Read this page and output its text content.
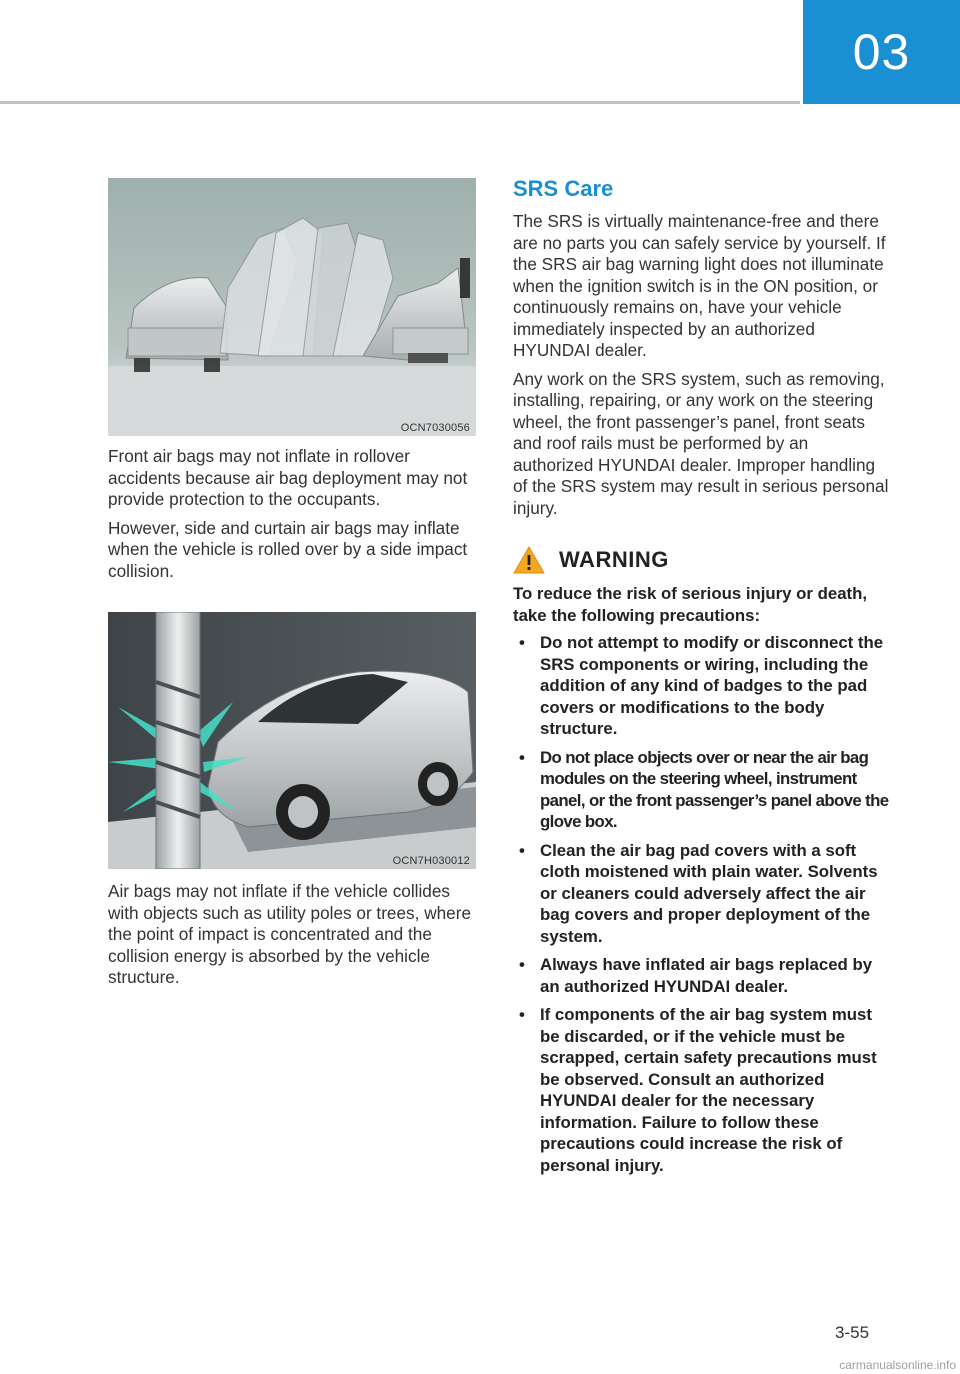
03
OCN7030056

Front air bags may not inflate in rollover accidents because air bag deployment may not provide protection to the occupants.

However, side and curtain air bags may inflate when the vehicle is rolled over by a side impact collision.

OCN7H030012

Air bags may not inflate if the vehicle collides with objects such as utility poles or trees, where the point of impact is concentrated and the collision energy is absorbed by the vehicle structure.

SRS Care

The SRS is virtually maintenance-free and there are no parts you can safely service by yourself. If the SRS air bag warning light does not illuminate when the ignition switch is in the ON position, or continuously remains on, have your vehicle immediately inspected by an authorized HYUNDAI dealer.

Any work on the SRS system, such as removing, installing, repairing, or any work on the steering wheel, the front passenger’s panel, front seats and roof rails must be performed by an authorized HYUNDAI dealer. Improper handling of the SRS system may result in serious personal injury.

WARNING
To reduce the risk of serious injury or death, take the following precautions:
• Do not attempt to modify or disconnect the SRS components or wiring, including the addition of any kind of badges to the pad covers or modifications to the body structure.
• Do not place objects over or near the air bag modules on the steering wheel, instrument panel, or the front passenger’s panel above the glove box.
• Clean the air bag pad covers with a soft cloth moistened with plain water. Solvents or cleaners could adversely affect the air bag covers and proper deployment of the system.
• Always have inflated air bags replaced by an authorized HYUNDAI dealer.
• If components of the air bag system must be discarded, or if the vehicle must be scrapped, certain safety precautions must be observed. Consult an authorized HYUNDAI dealer for the necessary information. Failure to follow these precautions could increase the risk of personal injury.
3-55
carmanualsonline.info
